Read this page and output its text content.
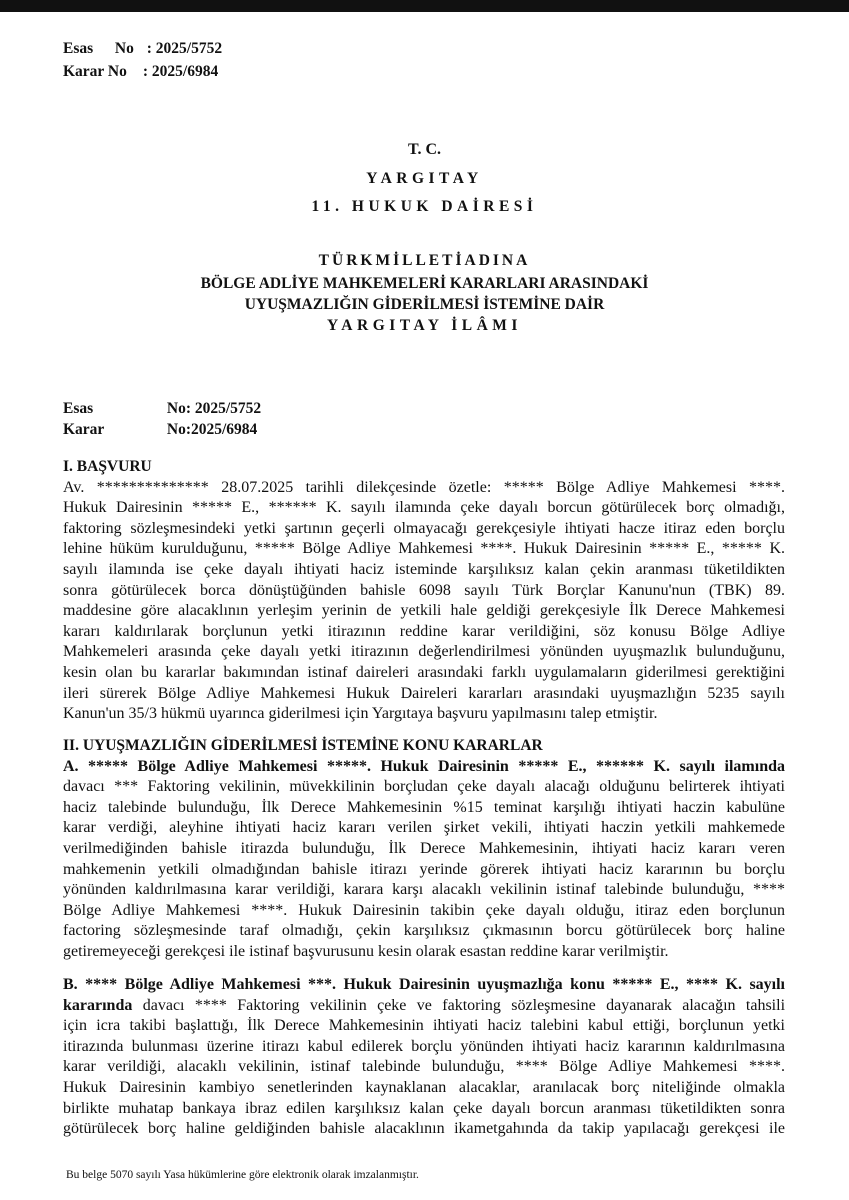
Esas No : 2025/5752
Karar No : 2025/6984
T. C.
YARGITAY
11. HUKUK DAİRESİ
TÜRKMİLLETİADINA
BÖLGE ADLİYE MAHKEMELERİ KARARLARI ARASINDAKİ
UYUŞMAZLIĞIN GİDERİLMESİ İSTEMİNE DAİR
YARGITAY İLÂMI
Esas	No: 2025/5752
Karar	No:2025/6984
I. BAŞVURU
Av. ************** 28.07.2025 tarihli dilekçesinde özetle: ***** Bölge Adliye Mahkemesi ****.
Hukuk Dairesinin ***** E., ****** K. sayılı ilamında çeke dayalı borcun götürülecek borç olmadığı,
faktoring sözleşmesindeki yetki şartının geçerli olmayacağı gerekçesiyle ihtiyati hacze itiraz eden borçlu
lehine hüküm kurulduğunu, ***** Bölge Adliye Mahkemesi ****. Hukuk Dairesinin ***** E., ***** K.
sayılı ilamında ise çeke dayalı ihtiyati haciz isteminde karşılıksız kalan çekin aranması tüketildikten
sonra götürülecek borca dönüştüğünden bahisle 6098 sayılı Türk Borçlar Kanunu'nun (TBK) 89.
maddesine göre alacaklının yerleşim yerinin de yetkili hale geldiği gerekçesiyle İlk Derece Mahkemesi
kararı kaldırılarak borçlunun yetki itirazının reddine karar verildiğini, söz konusu Bölge Adliye
Mahkemeleri arasında çeke dayalı yetki itirazının değerlendirilmesi yönünden uyuşmazlık bulunduğunu,
kesin olan bu kararlar bakımından istinaf daireleri arasındaki farklı uygulamaların giderilmesi gerektiğini
ileri sürerek Bölge Adliye Mahkemesi Hukuk Daireleri kararları arasındaki uyuşmazlığın 5235 sayılı
Kanun'un 35/3 hükmü uyarınca giderilmesi için Yargıtaya başvuru yapılmasını talep etmiştir.
II. UYUŞMAZLIĞIN GİDERİLMESİ İSTEMİNE KONU KARARLAR
A. ***** Bölge Adliye Mahkemesi *****. Hukuk Dairesinin ***** E., ****** K. sayılı ilamında
davacı *** Faktoring vekilinin, müvekkilinin borçludan çeke dayalı alacağı olduğunu belirterek ihtiyati
haciz talebinde bulunduğu, İlk Derece Mahkemesinin %15 teminat karşılığı ihtiyati haczin kabulüne
karar verdiği, aleyhine ihtiyati haciz kararı verilen şirket vekili, ihtiyati haczin yetkili mahkemede
verilmediğinden bahisle itirazda bulunduğu, İlk Derece Mahkemesinin, ihtiyati haciz kararı veren
mahkemenin yetkili olmadığından bahisle itirazı yerinde görerek ihtiyati haciz kararının bu borçlu
yönünden kaldırılmasına karar verildiği, karara karşı alacaklı vekilinin istinaf talebinde bulunduğu, ****
Bölge Adliye Mahkemesi ****. Hukuk Dairesinin takibin çeke dayalı olduğu, itiraz eden borçlunun
factoring sözleşmesinde taraf olmadığı, çekin karşılıksız çıkmasının borcu götürülecek borç haline
getiremeyeceği gerekçesi ile istinaf başvurusunu kesin olarak esastan reddine karar verilmiştir.
B. **** Bölge Adliye Mahkemesi ***. Hukuk Dairesinin uyuşmazlığa konu ***** E., **** K. sayılı
kararında davacı **** Faktoring vekilinin çeke ve faktoring sözleşmesine dayanarak alacağın tahsili
için icra takibi başlattığı, İlk Derece Mahkemesinin ihtiyati haciz talebini kabul ettiği, borçlunun yetki
itirazında bulunması üzerine itirazı kabul edilerek borçlu yönünden ihtiyati haciz kararının kaldırılmasına
karar verildiği, alacaklı vekilinin, istinaf talebinde bulunduğu, **** Bölge Adliye Mahkemesi ****.
Hukuk Dairesinin kambiyo senetlerinden kaynaklanan alacaklar, aranılacak borç niteliğinde olmakla
birlikte muhatap bankaya ibraz edilen karşılıksız kalan çeke dayalı borcun aranması tüketildikten sonra
götürülecek borç haline geldiğinden bahisle alacaklının ikametgahında da takip yapılacağı gerekçesi ile
Bu belge 5070 sayılı Yasa hükümlerine göre elektronik olarak imzalanmıştır.
